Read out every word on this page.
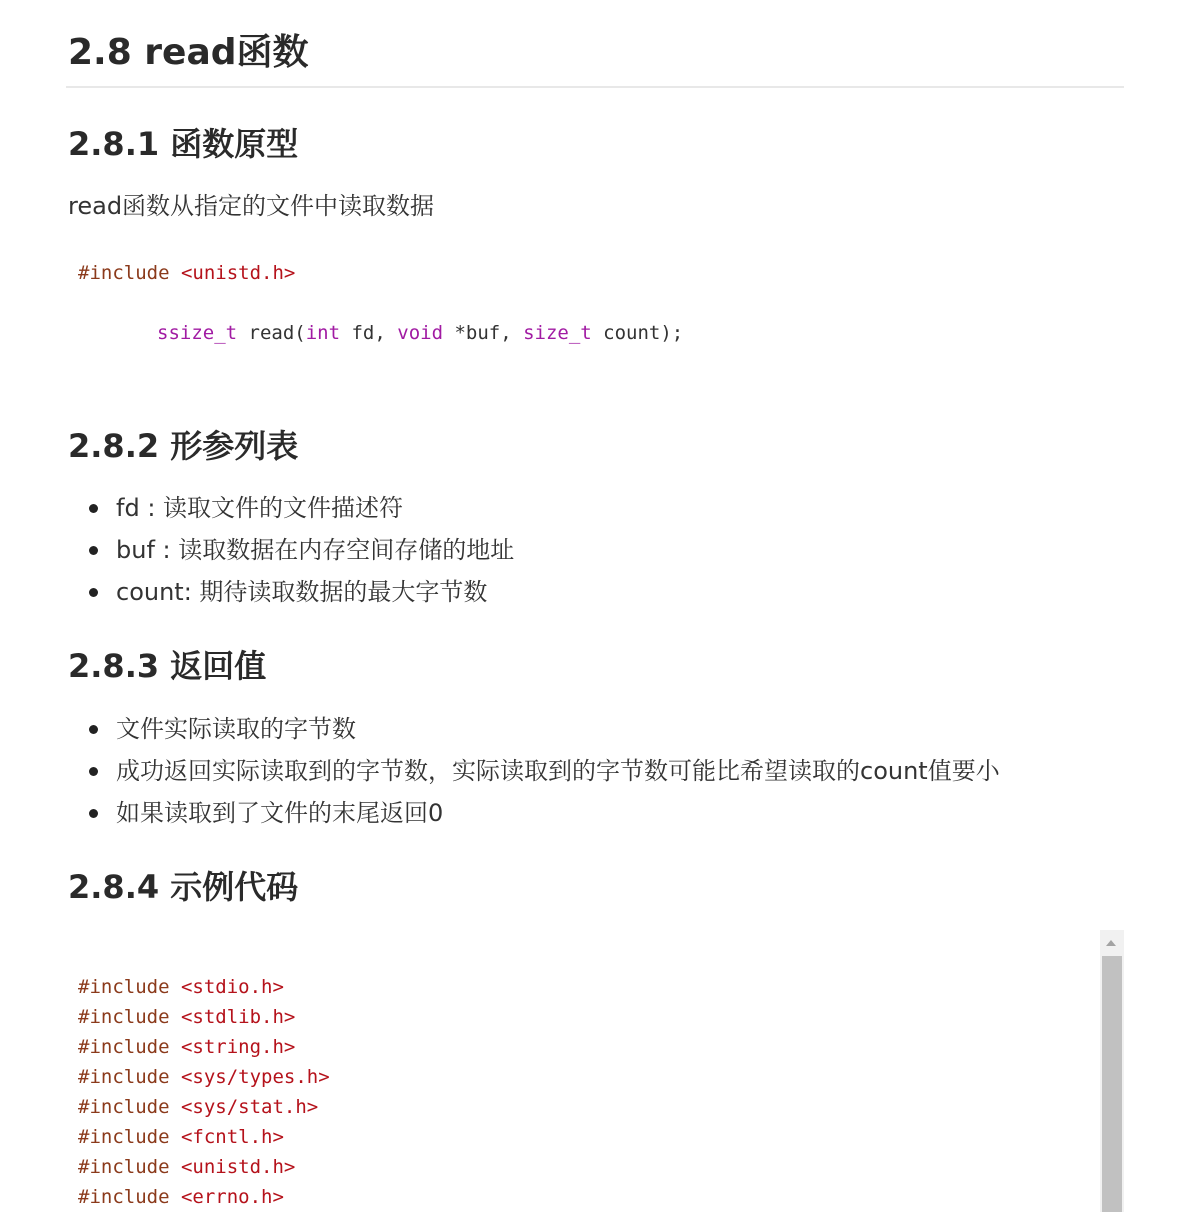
2.8 read函数
2.8.1 函数原型

read函数从指定的文件中读取数据

#include <unistd.h>
ssize_t read(int fd, void *buf, size_t count);
2.8.2 形参列表
fd : 读取文件的文件描述符
buf : 读取数据在内存空间存储的地址
count: 期待读取数据的最大字节数
2.8.3 返回值
文件实际读取的字节数
成功返回实际读取到的字节数，实际读取到的字节数可能比希望读取的count值要小
如果读取到了文件的末尾返回0
2.8.4 示例代码

#include <stdio.h>
#include <stdlib.h>
#include <string.h>
#include <sys/types.h>
#include <sys/stat.h>
#include <fcntl.h>
#include <unistd.h>
#include <errno.h>
